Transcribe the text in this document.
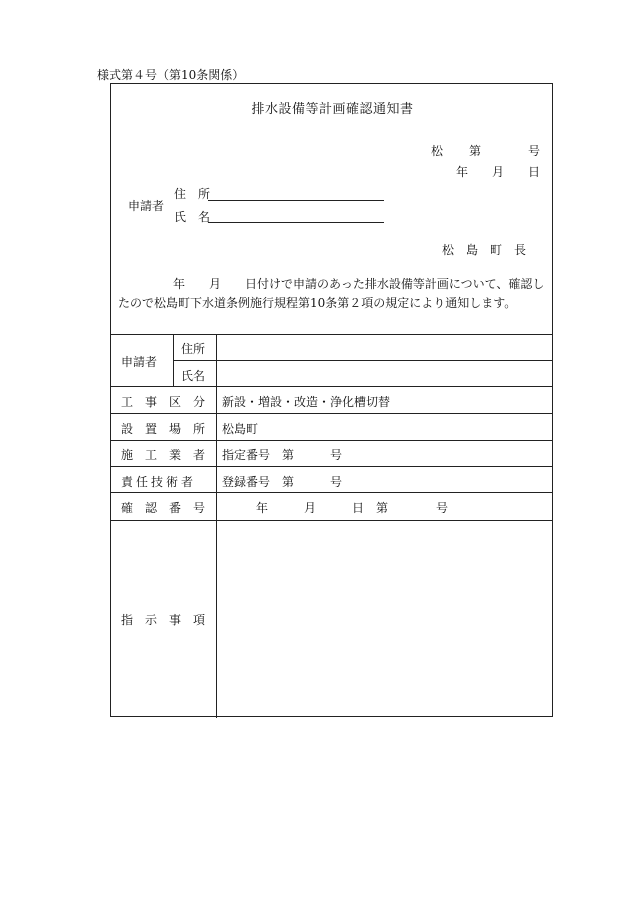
様式第４号（第10条関係）
排水設備等計画確認通知書
松 第	号
年 月 日
申請者
住　所
氏　名
松　島　町　長
年　　月　　日付けで申請のあった排水設備等計画について、確認したので松島町下水道条例施行規程第10条第２項の規定により通知します。
申請者
住所
氏名
工　事　区　分 新設・増設・改造・浄化槽切替
設　置　場　所 松島町
施　工　業　者 指定番号　第　　　号
責任技術者 登録番号　第　　　号
確　認　番　号	年　　　月　　　日　第　　　　号
指　示　事　項
